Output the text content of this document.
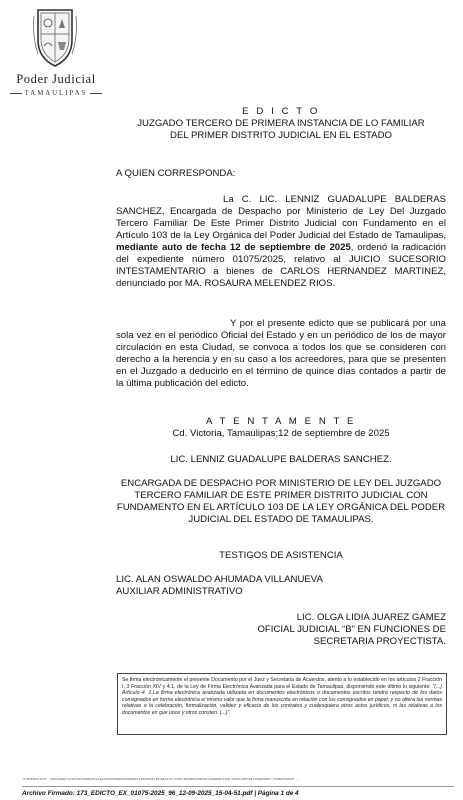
Poder Judicial
TAMAULIPAS
E D I C T O
JUZGADO TERCERO DE PRIMERA INSTANCIA DE LO FAMILIAR
DEL PRIMER DISTRITO JUDICIAL EN EL ESTADO
A QUIEN CORRESPONDA:
La C. LIC. LENNIZ GUADALUPE BALDERAS SANCHEZ, Encargada de Despacho por Ministerio de Ley Del Juzgado Tercero Familiar De Este Primer Distrito Judicial con Fundamento en el Artículo 103 de la Ley Orgánica del Poder Judicial del Estado de Tamaulipas, mediante auto de fecha 12 de septiembre de 2025, ordenó la radicación del expediente número 01075/2025, relativo al JUICIO SUCESORIO INTESTAMENTARIO a bienes de CARLOS HERNANDEZ MARTINEZ, denunciado por MA. ROSAURA MELENDEZ RIOS.
Y por el presente edicto que se publicará por una sola vez en el periódico Oficial del Estado y en un periódico de los de mayor circulación en esta Ciudad, se convoca a todos los que se consideren con derecho a la herencia y en su caso a los acreedores, para que se presenten en el Juzgado a deducirlo en el término de quince días contados a partir de la última publicación del edicto.
A T E N T A M E N T E
Cd. Victoria, Tamaulipas;12 de septiembre de 2025
LIC. LENNIZ GUADALUPE BALDERAS SANCHEZ.
ENCARGADA DE DESPACHO POR MINISTERIO DE LEY DEL JUZGADO TERCERO FAMILIAR DE ESTE PRIMER DISTRITO JUDICIAL CON FUNDAMENTO EN EL ARTÍCULO 103 DE LA LEY ORGÁNICA DEL PODER JUDICIAL DEL ESTADO DE TAMAULIPAS.
TESTIGOS DE ASISTENCIA
LIC. ALAN OSWALDO AHUMADA VILLANUEVA
AUXILIAR ADMINISTRATIVO
LIC. OLGA LIDIA JUAREZ GAMEZ
OFICIAL JUDICIAL “B” EN FUNCIONES DE
SECRETARIA PROYECTISTA.
Se firma electrónicamente el presente Documento por el Juez y Secretaria de Acuerdos, atento a lo establecido en los artículos 2 Fracción I, 3 Fracción XIV y 4.1, de la Ley de Firma Electrónica Avanzada para el Estado de Tamaulipas, disponiendo este último lo siguiente: “(...) Artículo 4. 1.La firma electrónica avanzada utilizada en documentos electrónicos o documentos escritos tendrá respecto de los datos consignados en forma electrónica el mismo valor que la firma manuscrita en relación con los consignados en papel; y no altera las normas relativas a la celebración, formalización, validez y eficacia de los contratos y cualesquiera otros actos jurídicos, ni las relativas a los documentos en que unos y otros consten. (...)”.
Transacción: 9956388f2c81e8cbaa54421a2e3dd0d68ed8e9bdc1e63e5e7bc9a31cf1fbe78c6ab19a02e1d49b8c1a4f1ebd7a0fa1f56ad98c77c8a2e1b9e...
Archivo Firmado: 173_EDICTO_EX_01075-2025_96_12-09-2025_15-04-51.pdf | Página 1 de 4
